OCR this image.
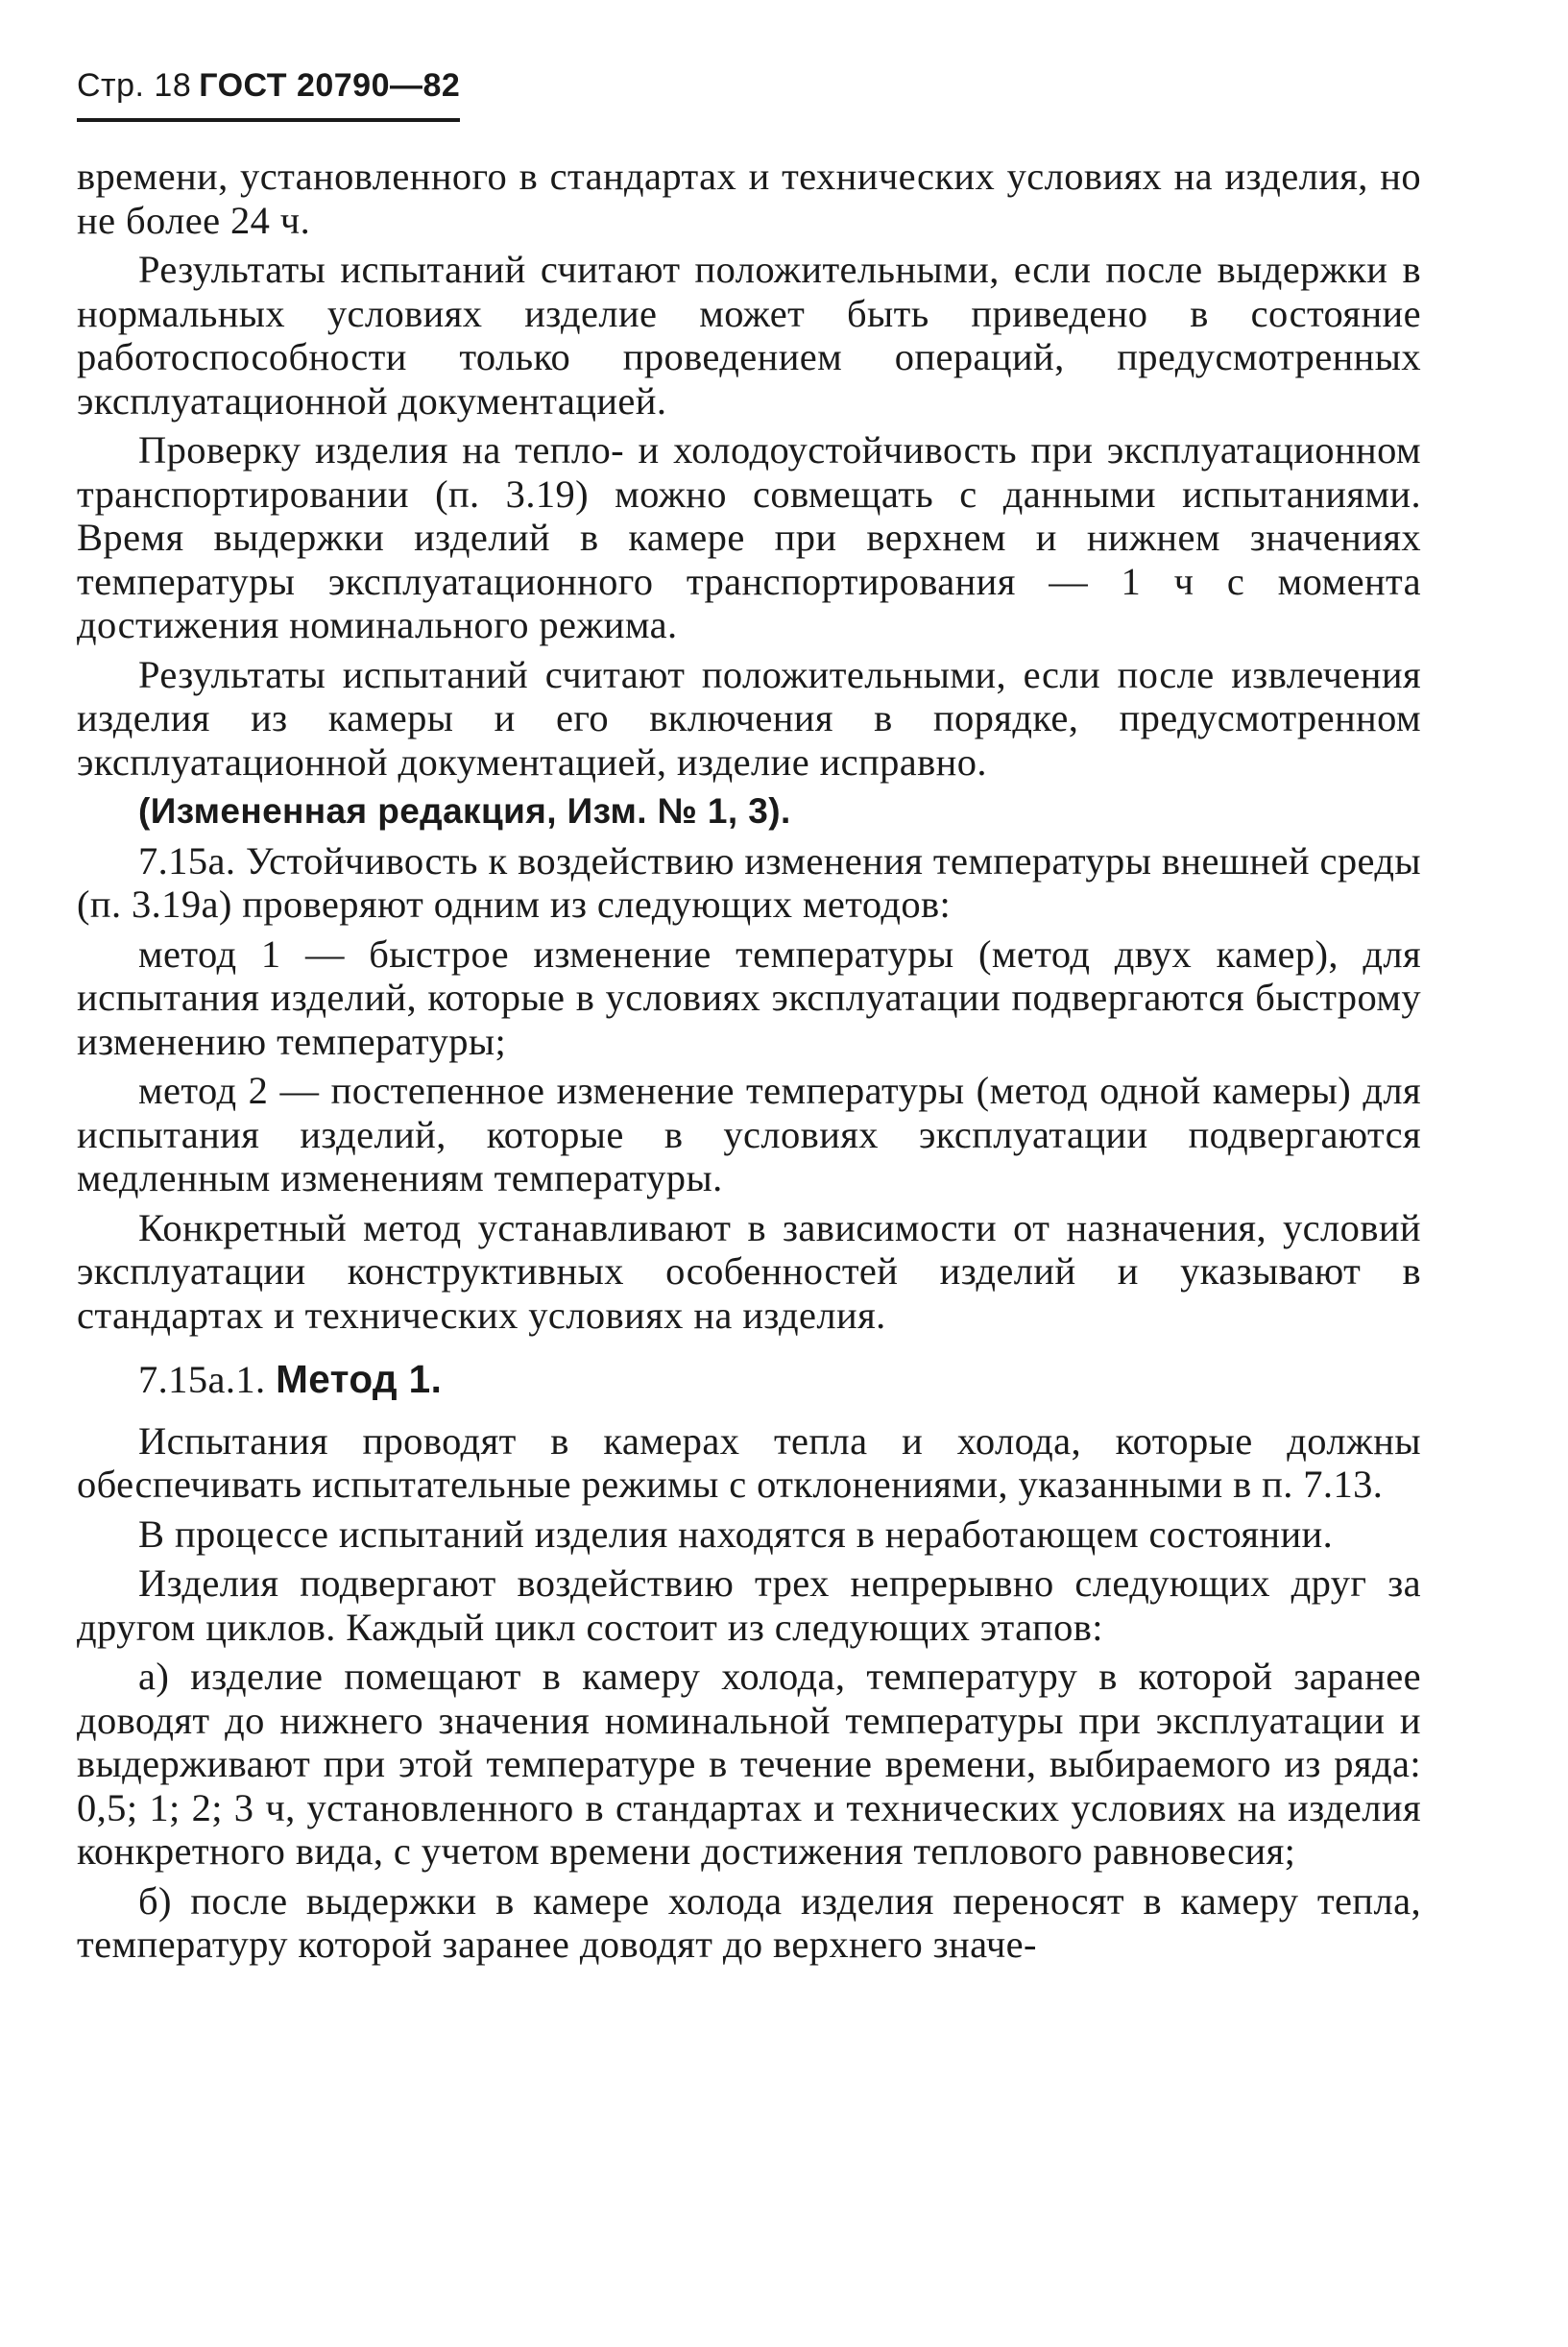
Стр. 18 ГОСТ 20790—82

времени, установленного в стандартах и технических условиях на изделия, но не более 24 ч.

Результаты испытаний считают положительными, если после выдержки в нормальных условиях изделие может быть приведено в состояние работоспособности только проведением операций, предусмотренных эксплуатационной документацией.

Проверку изделия на тепло- и холодоустойчивость при эксплуатационном транспортировании (п. 3.19) можно совмещать с данными испытаниями. Время выдержки изделий в камере при верхнем и нижнем значениях температуры эксплуатационного транспортирования — 1 ч с момента достижения номинального режима.

Результаты испытаний считают положительными, если после извлечения изделия из камеры и его включения в порядке, предусмотренном эксплуатационной документацией, изделие исправно.

(Измененная редакция, Изм. № 1, 3).

7.15а. Устойчивость к воздействию изменения температуры внешней среды (п. 3.19а) проверяют одним из следующих методов:

метод 1 — быстрое изменение температуры (метод двух камер), для испытания изделий, которые в условиях эксплуатации подвергаются быстрому изменению температуры;

метод 2 — постепенное изменение температуры (метод одной камеры) для испытания изделий, которые в условиях эксплуатации подвергаются медленным изменениям температуры.

Конкретный метод устанавливают в зависимости от назначения, условий эксплуатации конструктивных особенностей изделий и указывают в стандартах и технических условиях на изделия.

7.15а.1. Метод 1.

Испытания проводят в камерах тепла и холода, которые должны обеспечивать испытательные режимы с отклонениями, указанными в п. 7.13.

В процессе испытаний изделия находятся в неработающем состоянии.

Изделия подвергают воздействию трех непрерывно следующих друг за другом циклов. Каждый цикл состоит из следующих этапов:

а) изделие помещают в камеру холода, температуру в которой заранее доводят до нижнего значения номинальной температуры при эксплуатации и выдерживают при этой температуре в течение времени, выбираемого из ряда: 0,5; 1; 2; 3 ч, установленного в стандартах и технических условиях на изделия конкретного вида, с учетом времени достижения теплового равновесия;

б) после выдержки в камере холода изделия переносят в камеру тепла, температуру которой заранее доводят до верхнего значе-
